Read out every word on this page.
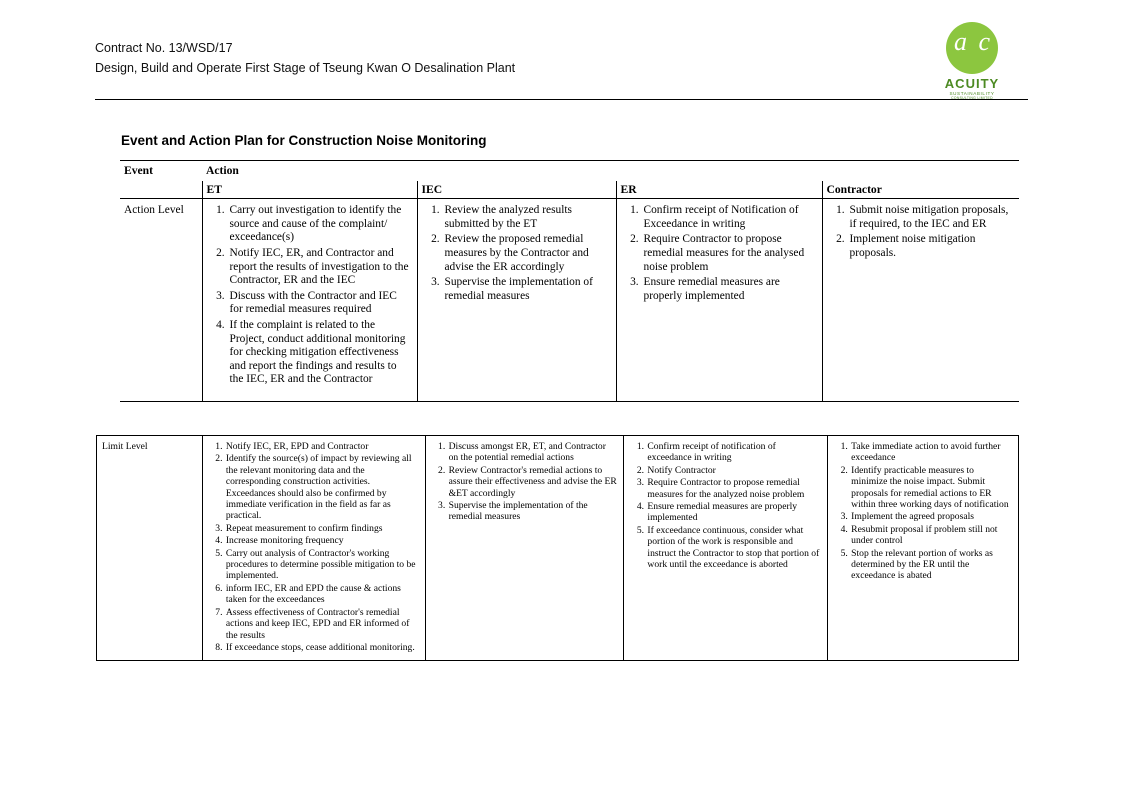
Contract No. 13/WSD/17
Design, Build and Operate First Stage of Tseung Kwan O Desalination Plant
a c
ACUITY
SUSTAINABILITY
CONSULTING LIMITED
Event and Action Plan for Construction Noise Monitoring
Event	Action			
	ET	IEC	ER	Contractor
Action Level	
1.Carry out investigation to identify the source and cause of the complaint/ exceedance(s)
2. Notify IEC, ER, and Contractor and report the results of investigation to the Contractor, ER and the IEC
3. Discuss with the Contractor and IEC for remedial measures required
4. If the complaint is related to the Project, conduct additional monitoring for checking mitigation effectiveness and report the findings and results to the IEC, ER and the Contractor

1. Review the analyzed results submitted by the ET
2. Review the proposed remedial measures by the Contractor and advise the ER accordingly
3. Supervise the implementation of remedial measures

1. Confirm receipt of Notification of Exceedance in writing
2. Require Contractor to propose remedial measures for the analysed noise problem
3. Ensure remedial measures are properly implemented

1. Submit noise mitigation proposals, if required, to the IEC and ER
2. Implement noise mitigation proposals.

Limit Level	
1.Notify IEC, ER, EPD and Contractor
2. Identify the source(s) of impact by reviewing all the relevant monitoring data and the corresponding construction activities. Exceedances should also be confirmed by immediate verification in the field as far as practical.
3. Repeat measurement to confirm findings
4. Increase monitoring frequency
5. Carry out analysis of Contractor's working procedures to determine possible mitigation to be implemented.
6. inform IEC, ER and EPD the cause & actions taken for the exceedances
7. Assess effectiveness of Contractor's remedial actions and keep IEC, EPD and ER informed of the results
8. If exceedance stops, cease additional monitoring.

1. Discuss amongst ER, ET, and Contractor on the potential remedial actions
2. Review Contractor's remedial actions to assure their effectiveness and advise the ER &ET accordingly
3. Supervise the implementation of the remedial measures

1. Confirm receipt of notification of exceedance in writing
2. Notify Contractor
3. Require Contractor to propose remedial measures for the analyzed noise problem
4. Ensure remedial measures are properly implemented
5. If exceedance continuous, consider what portion of the work is responsible and instruct the Contractor to stop that portion of work until the exceedance is aborted

1. Take immediate action to avoid further exceedance
2. Identify practicable measures to minimize the noise impact. Submit proposals for remedial actions to ER within three working days of notification
3. Implement the agreed proposals
4. Resubmit proposal if problem still not under control
5. Stop the relevant portion of works as determined by the ER until the exceedance is abated
